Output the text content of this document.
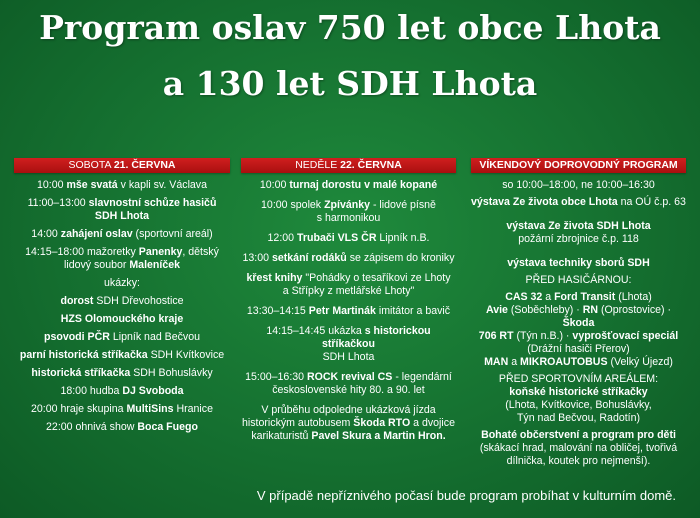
Program oslav 750 let obce Lhota
a 130 let SDH Lhota
SOBOTA 21. ČERVNA

10:00 mše svatá v kapli sv. Václava

11:00–13:00 slavnostní schůze hasičů

SDH Lhota

14:00 zahájení oslav (sportovní areál)

14:15–18:00 mažoretky Panenky, dětský

lidový soubor Maleníček

ukázky:

dorost SDH Dřevohostice

HZS Olomouckého kraje

psovodi PČR Lipník nad Bečvou

parní historická stříkačka SDH Kvítkovice

historická stříkačka SDH Bohuslávky

18:00 hudba DJ Svoboda

20:00 hraje skupina MultiSins Hranice

22:00 ohnivá show Boca Fuego

NEDĚLE 22. ČERVNA

10:00 turnaj dorostu v malé kopané

10:00 spolek Zpívánky - lidové písně

s harmonikou

12:00 Trubači VLS ČR Lipník n.B.

13:00 setkání rodáků se zápisem do kroniky

křest knihy "Pohádky o tesaříkovi ze Lhoty

a Střípky z metlářské Lhoty"

13:30–14:15 Petr Martinák imitátor a bavič

14:15–14:45 ukázka s historickou stříkačkou

SDH Lhota

15:00–16:30 ROCK revival CS - legendární

československé hity 80. a 90. let

V průběhu odpoledne ukázková jízda

historickým autobusem Škoda RTO a dvojice

karikaturistů Pavel Skura a Martin Hron.

VÍKENDOVÝ DOPROVODNÝ PROGRAM

so 10:00–18:00, ne 10:00–16:30

výstava Ze života obce Lhota na OÚ č.p. 63

výstava Ze života SDH Lhota

požární zbrojnice č.p. 118

výstava techniky sborů SDH

PŘED HASIČÁRNOU:

CAS 32 a Ford Transit (Lhota)

Avie (Soběchleby) · RN (Oprostovice) · Škoda

706 RT (Týn n.B.) · vyprošťovací speciál

(Drážní hasiči Přerov)

MAN a MIKROAUTOBUS (Velký Újezd)

PŘED SPORTOVNÍM AREÁLEM:

koňské historické stříkačky

(Lhota, Kvítkovice, Bohuslávky,

Týn nad Bečvou, Radotín)

Bohaté občerstvení a program pro děti

(skákací hrad, malování na obličej, tvořivá

dílnička, koutek pro nejmenší).

V případě nepříznivého počasí bude program probíhat v kulturním domě.
